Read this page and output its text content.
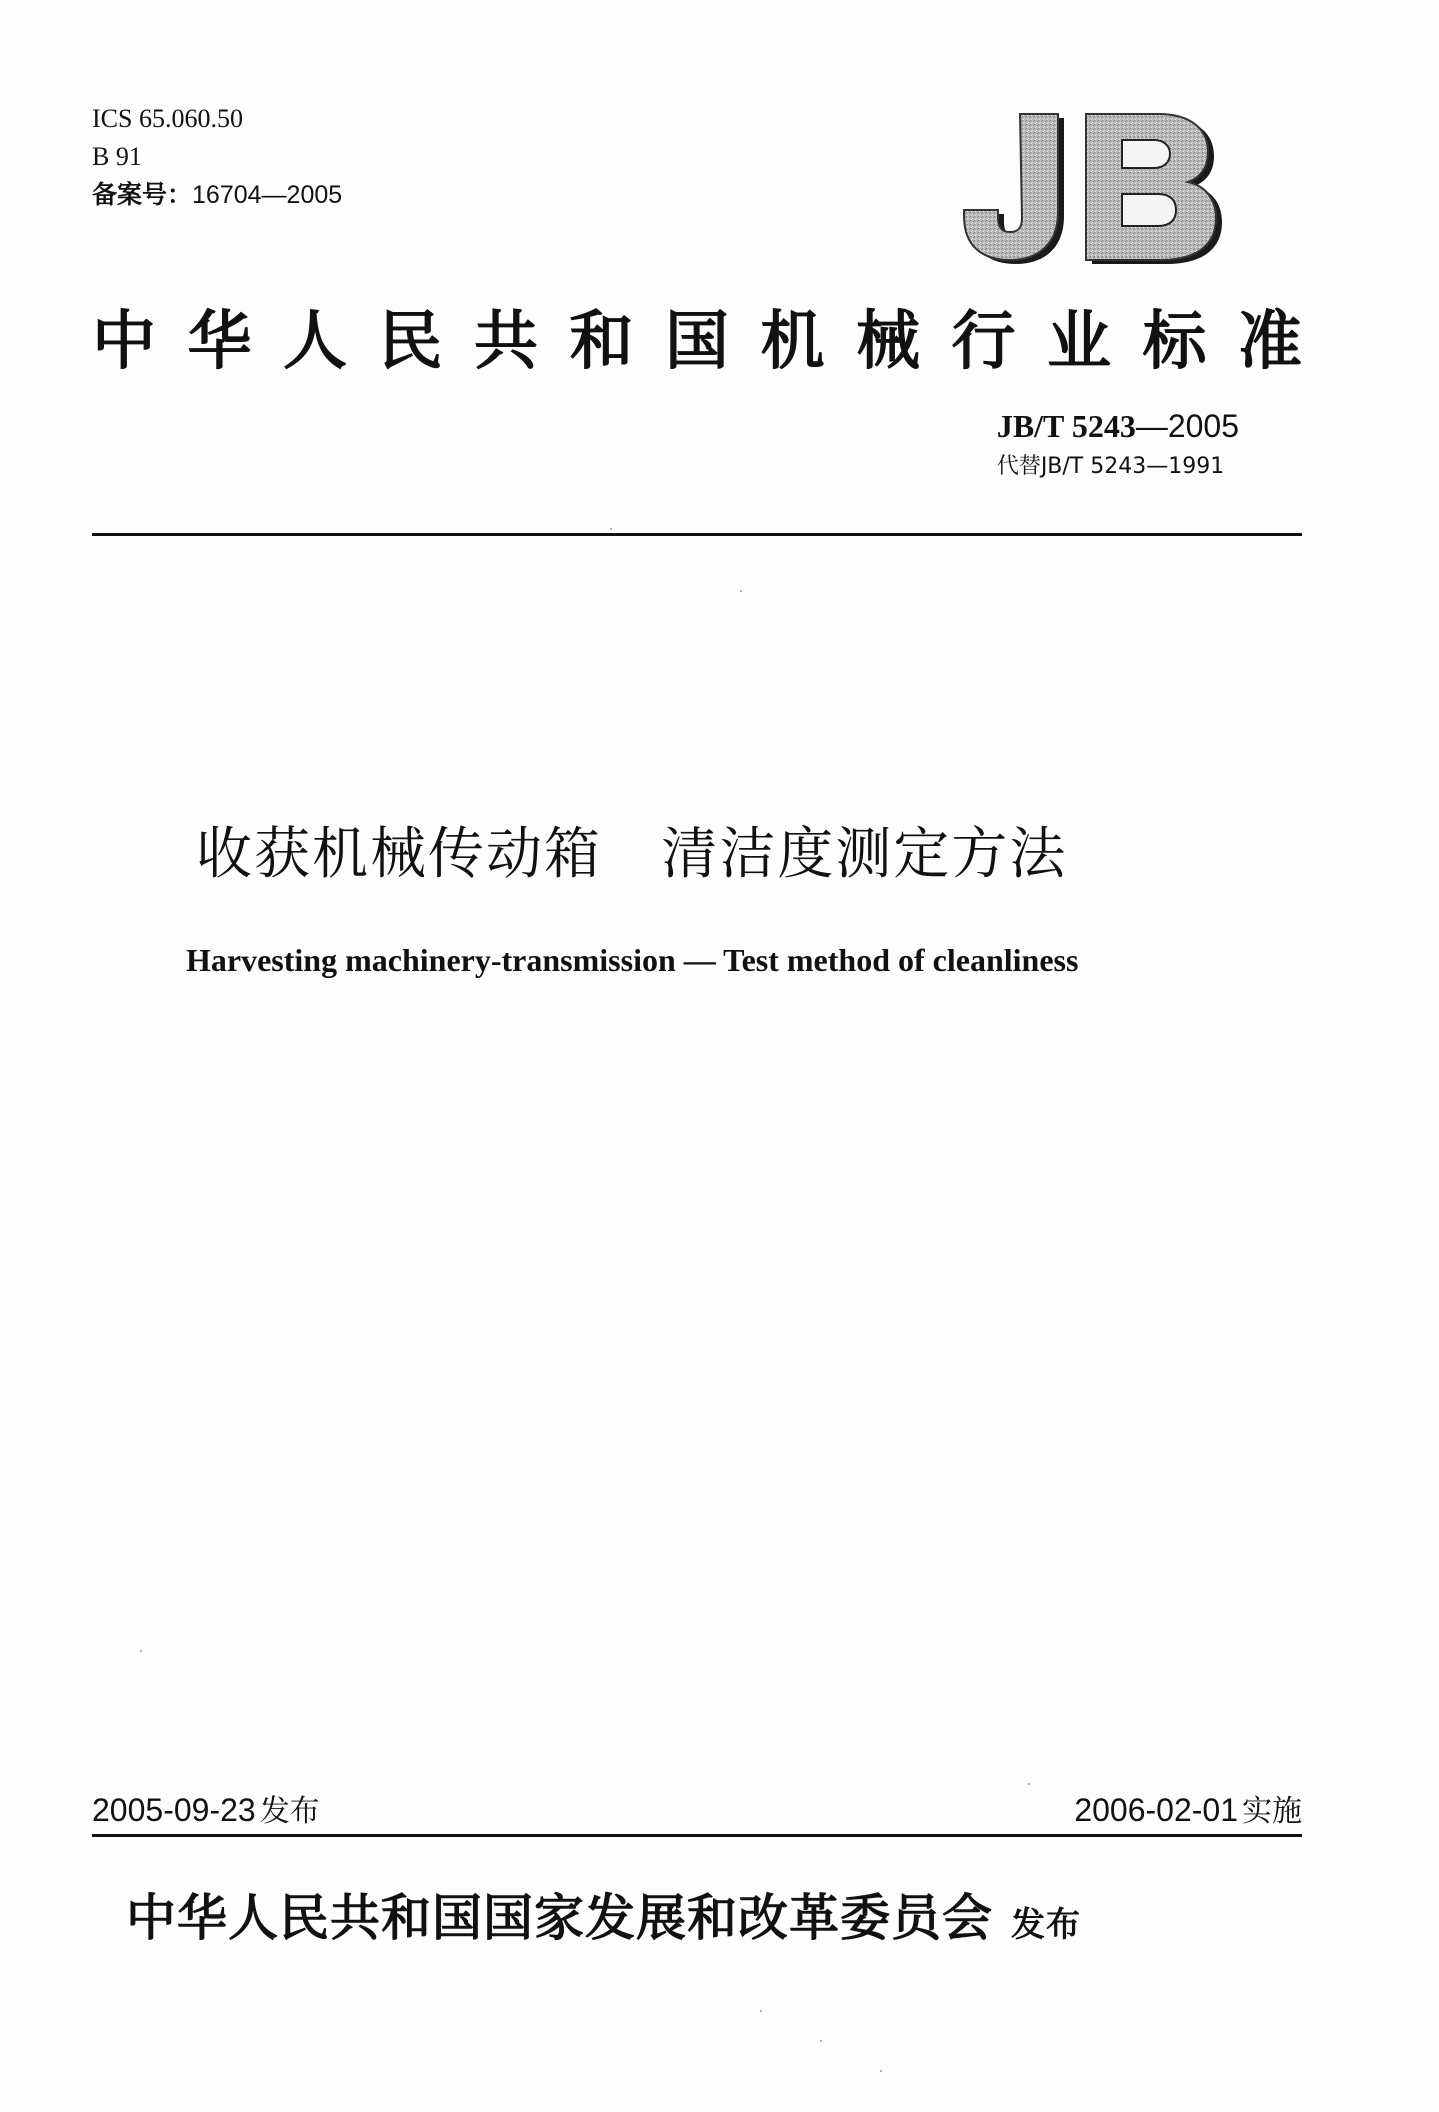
ICS 65.060.50
B 91
备案号：16704—2005
中 华 人 民 共 和 国 机 械 行 业 标 准
JB/T 5243—2005
代替JB/T 5243—1991
收获机械传动箱   清洁度测定方法
Harvesting machinery-transmission — Test method of cleanliness
2005-09-23 发布	2006-02-01 实施
中华人民共和国国家发展和改革委员会 发布
